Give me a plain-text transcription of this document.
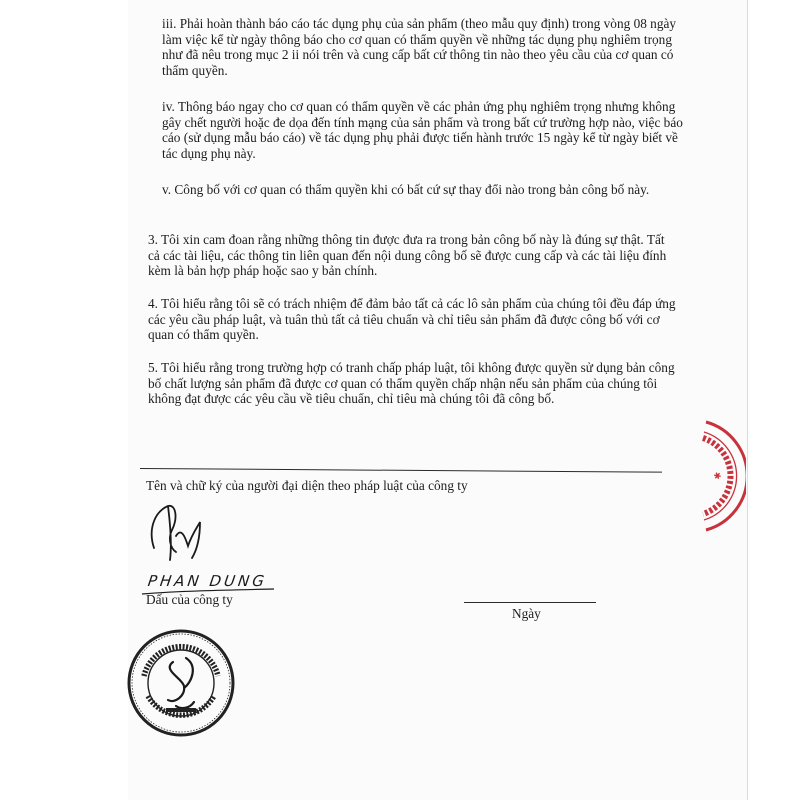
iii. Phải hoàn thành báo cáo tác dụng phụ của sản phẩm (theo mẫu quy định) trong vòng 08 ngày làm việc kể từ ngày thông báo cho cơ quan có thẩm quyền về những tác dụng phụ nghiêm trọng như đã nêu trong mục 2 ii nói trên và cung cấp bất cứ thông tin nào theo yêu cầu của cơ quan có thẩm quyền.

iv. Thông báo ngay cho cơ quan có thẩm quyền về các phản ứng phụ nghiêm trọng nhưng không gây chết người hoặc đe dọa đến tính mạng của sản phẩm và trong bất cứ trường hợp nào, việc báo cáo (sử dụng mẫu báo cáo) về tác dụng phụ phải được tiến hành trước 15 ngày kể từ ngày biết về tác dụng phụ này.

v. Công bố với cơ quan có thẩm quyền khi có bất cứ sự thay đổi nào trong bản công bố này.

3. Tôi xin cam đoan rằng những thông tin được đưa ra trong bản công bố này là đúng sự thật. Tất cả các tài liệu, các thông tin liên quan đến nội dung công bố sẽ được cung cấp và các tài liệu đính kèm là bản hợp pháp hoặc sao y bản chính.

4. Tôi hiểu rằng tôi sẽ có trách nhiệm để đảm bảo tất cả các lô sản phẩm của chúng tôi đều đáp ứng các yêu cầu pháp luật, và tuân thủ tất cả tiêu chuẩn và chỉ tiêu sản phẩm đã được công bố với cơ quan có thẩm quyền.

5. Tôi hiểu rằng trong trường hợp có tranh chấp pháp luật, tôi không được quyền sử dụng bản công bố chất lượng sản phẩm đã được cơ quan có thẩm quyền chấp nhận nếu sản phẩm của chúng tôi không đạt được các yêu cầu về tiêu chuẩn, chỉ tiêu mà chúng tôi đã công bố.

Tên và chữ ký của người đại diện theo pháp luật của công ty

PHAN DUNG

Dấu của công ty

Ngày

✱
